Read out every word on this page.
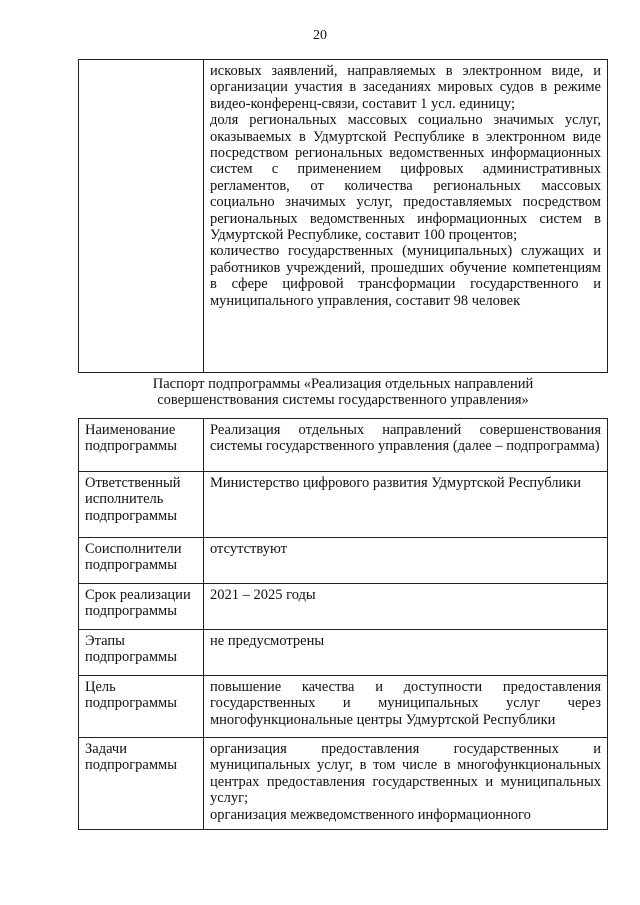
20

исковых заявлений, направляемых в электронном виде, и организации участия в заседаниях мировых судов в режиме видео-конференц-связи, составит 1 усл. единицу;
доля региональных массовых социально значимых услуг, оказываемых в Удмуртской Республике в электронном виде посредством региональных ведомственных информационных систем с применением цифровых административных регламентов, от количества региональных массовых социально значимых услуг, предоставляемых посредством региональных ведомственных информационных систем в Удмуртской Республике, составит 100 процентов;
количество государственных (муниципальных) служащих и работников учреждений, прошедших обучение компетенциям в сфере цифровой трансформации государственного и муниципального управления, составит 98 человек
Паспорт подпрограммы «Реализация отдельных направлений
совершенствования системы государственного управления»
Наименование подпрограммы	Реализация отдельных направлений совершенствования системы государственного управления (далее – подпрограмма)

Ответственный исполнитель подпрограммы	Министерство цифрового развития Удмуртской Республики

Соисполнители подпрограммы	отсутствуют

Срок реализации подпрограммы	2021 – 2025 годы

Этапы подпрограммы	не предусмотрены

Цель подпрограммы	повышение качества и доступности предоставления государственных и муниципальных услуг через многофункциональные центры Удмуртской Республики

Задачи подпрограммы	организация предоставления государственных и муниципальных услуг, в том числе в многофункциональных центрах предоставления государственных и муниципальных услуг;
организация межведомственного информационного
